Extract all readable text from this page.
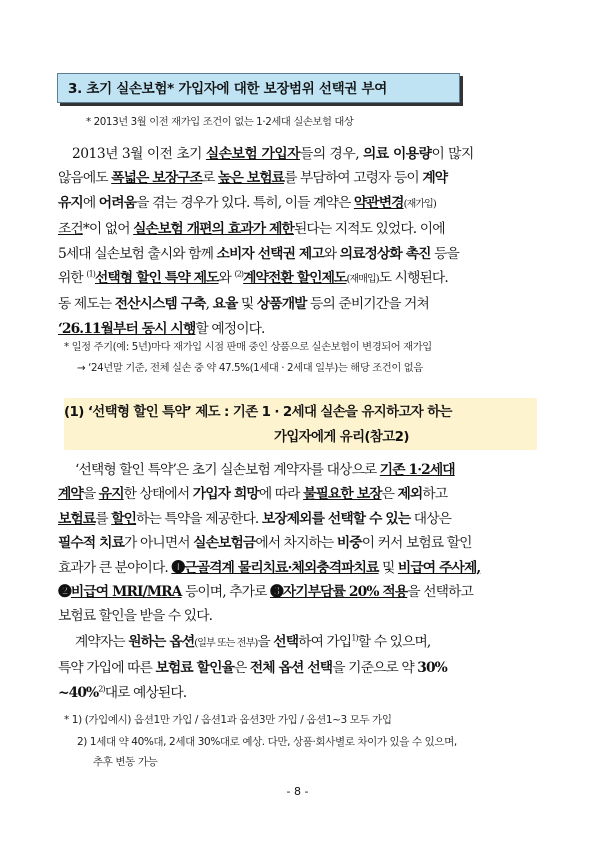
3. 초기 실손보험* 가입자에 대한 보장범위 선택권 부여
* 2013년 3월 이전 재가입 조건이 없는 1·2세대 실손보험 대상
2013년 3월 이전 초기 실손보험 가입자들의 경우, 의료 이용량이 많지
않음에도 폭넓은 보장구조로 높은 보험료를 부담하여 고령자 등이 계약
유지에 어려움을 겪는 경우가 있다. 특히, 이들 계약은 약관변경(재가입)
조건*이 없어 실손보험 개편의 효과가 제한된다는 지적도 있었다. 이에
5세대 실손보험 출시와 함께 소비자 선택권 제고와 의료정상화 촉진 등을
위한 $^{(1)}$선택형 할인 특약 제도와 $^{(2)}$계약전환 할인제도(재매입)도 시행된다.
동 제도는 전산시스템 구축, 요율 및 상품개발 등의 준비기간을 거쳐
‘26.11월부터 동시 시행할 예정이다.
* 일정 주기(예: 5년)마다 재가입 시점 판매 중인 상품으로 실손보험이 변경되어 재가입
→ ‘24년말 기준, 전체 실손 중 약 47.5%(1세대 · 2세대 일부)는 해당 조건이 없음
(1) ‘선택형 할인 특약’ 제도 : 기존 1 · 2세대 실손을 유지하고자 하는
가입자에게 유리(참고2)
‘선택형 할인 특약’은 초기 실손보험 계약자를 대상으로 기존 1·2세대
계약을 유지한 상태에서 가입자 희망에 따라 불필요한 보장은 제외하고
보험료를 할인하는 특약을 제공한다. 보장제외를 선택할 수 있는 대상은
필수적 치료가 아니면서 실손보험금에서 차지하는 비중이 커서 보험료 할인
효과가 큰 분야이다. ❶근골격계 물리치료·체외충격파치료 및 비급여 주사제,
❷비급여 MRI/MRA 등이며, 추가로 ❸자기부담률 20% 적용을 선택하고
보험료 할인을 받을 수 있다.
계약자는 원하는 옵션(일부 또는 전부)을 선택하여 가입$^{1)}$할 수 있으며,
특약 가입에 따른 보험료 할인율은 전체 옵션 선택을 기준으로 약 30%
~40%$^{2)}$대로 예상된다.
* 1) (가입예시) 옵션1만 가입 / 옵션1과 옵션3만 가입 / 옵션1~3 모두 가입
2) 1세대 약 40%대, 2세대 30%대로 예상. 다만, 상품·회사별로 차이가 있을 수 있으며,
추후 변동 가능
- 8 -
